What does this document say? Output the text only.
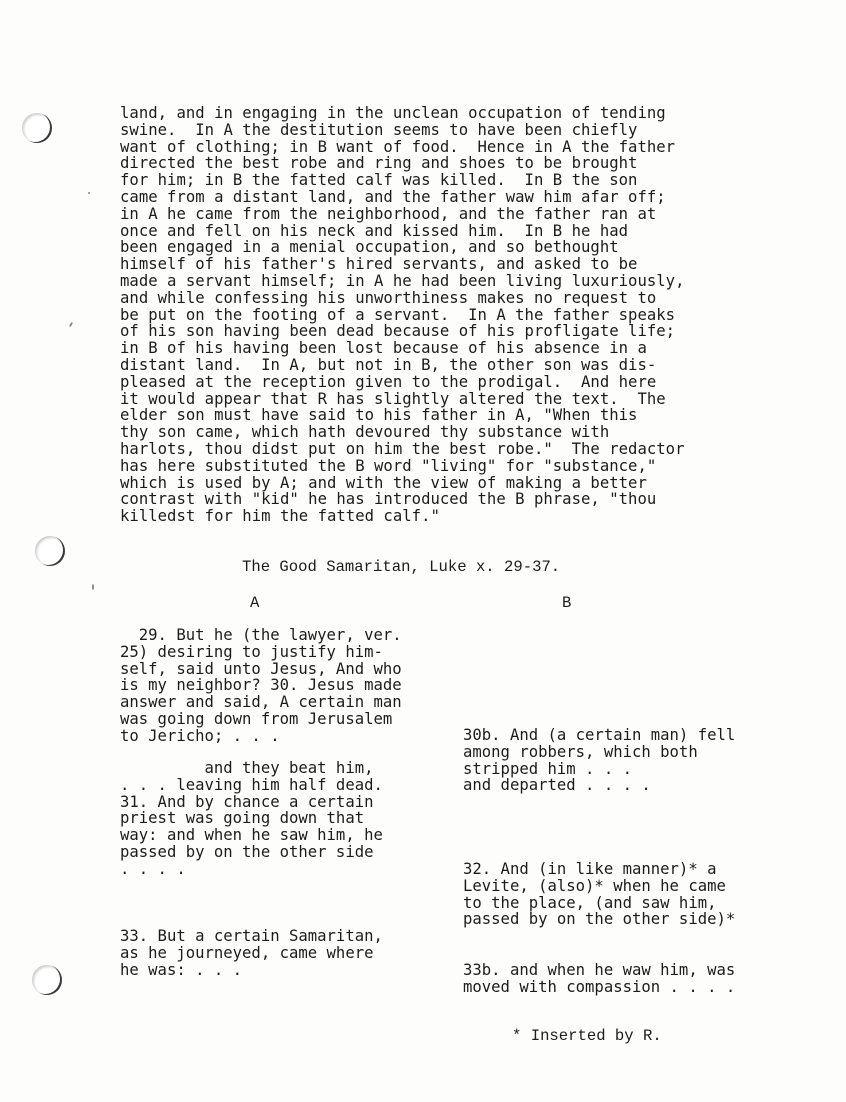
land, and in engaging in the unclean occupation of tending
swine.  In A the destitution seems to have been chiefly
want of clothing; in B want of food.  Hence in A the father
directed the best robe and ring and shoes to be brought
for him; in B the fatted calf was killed.  In B the son
came from a distant land, and the father waw him afar off;
in A he came from the neighborhood, and the father ran at
once and fell on his neck and kissed him.  In B he had
been engaged in a menial occupation, and so bethought
himself of his father's hired servants, and asked to be
made a servant himself; in A he had been living luxuriously,
and while confessing his unworthiness makes no request to
be put on the footing of a servant.  In A the father speaks
of his son having been dead because of his profligate life;
in B of his having been lost because of his absence in a
distant land.  In A, but not in B, the other son was dis-
pleased at the reception given to the prodigal.  And here
it would appear that R has slightly altered the text.  The
elder son must have said to his father in A, "When this
thy son came, which hath devoured thy substance with
harlots, thou didst put on him the best robe."  The redactor
has here substituted the B word "living" for "substance,"
which is used by A; and with the view of making a better
contrast with "kid" he has introduced the B phrase, "thou
killedst for him the fatted calf."
The Good Samaritan, Luke x. 29-37.
A	B
29. But he (the lawyer, ver.
25) desiring to justify him-
self, said unto Jesus, And who
is my neighbor? 30. Jesus made
answer and said, A certain man
was going down from Jerusalem
to Jericho; . . .
and they beat him,
. . . leaving him half dead.
31. And by chance a certain
priest was going down that
way: and when he saw him, he
passed by on the other side
. . . .
33. But a certain Samaritan,
as he journeyed, came where
he was: . . .
30b. And (a certain man) fell
among robbers, which both
stripped him . . .
and departed . . . .
32. And (in like manner)* a
Levite, (also)* when he came
to the place, (and saw him,
passed by on the other side)*
33b. and when he waw him, was
moved with compassion . . . .
* Inserted by R.
